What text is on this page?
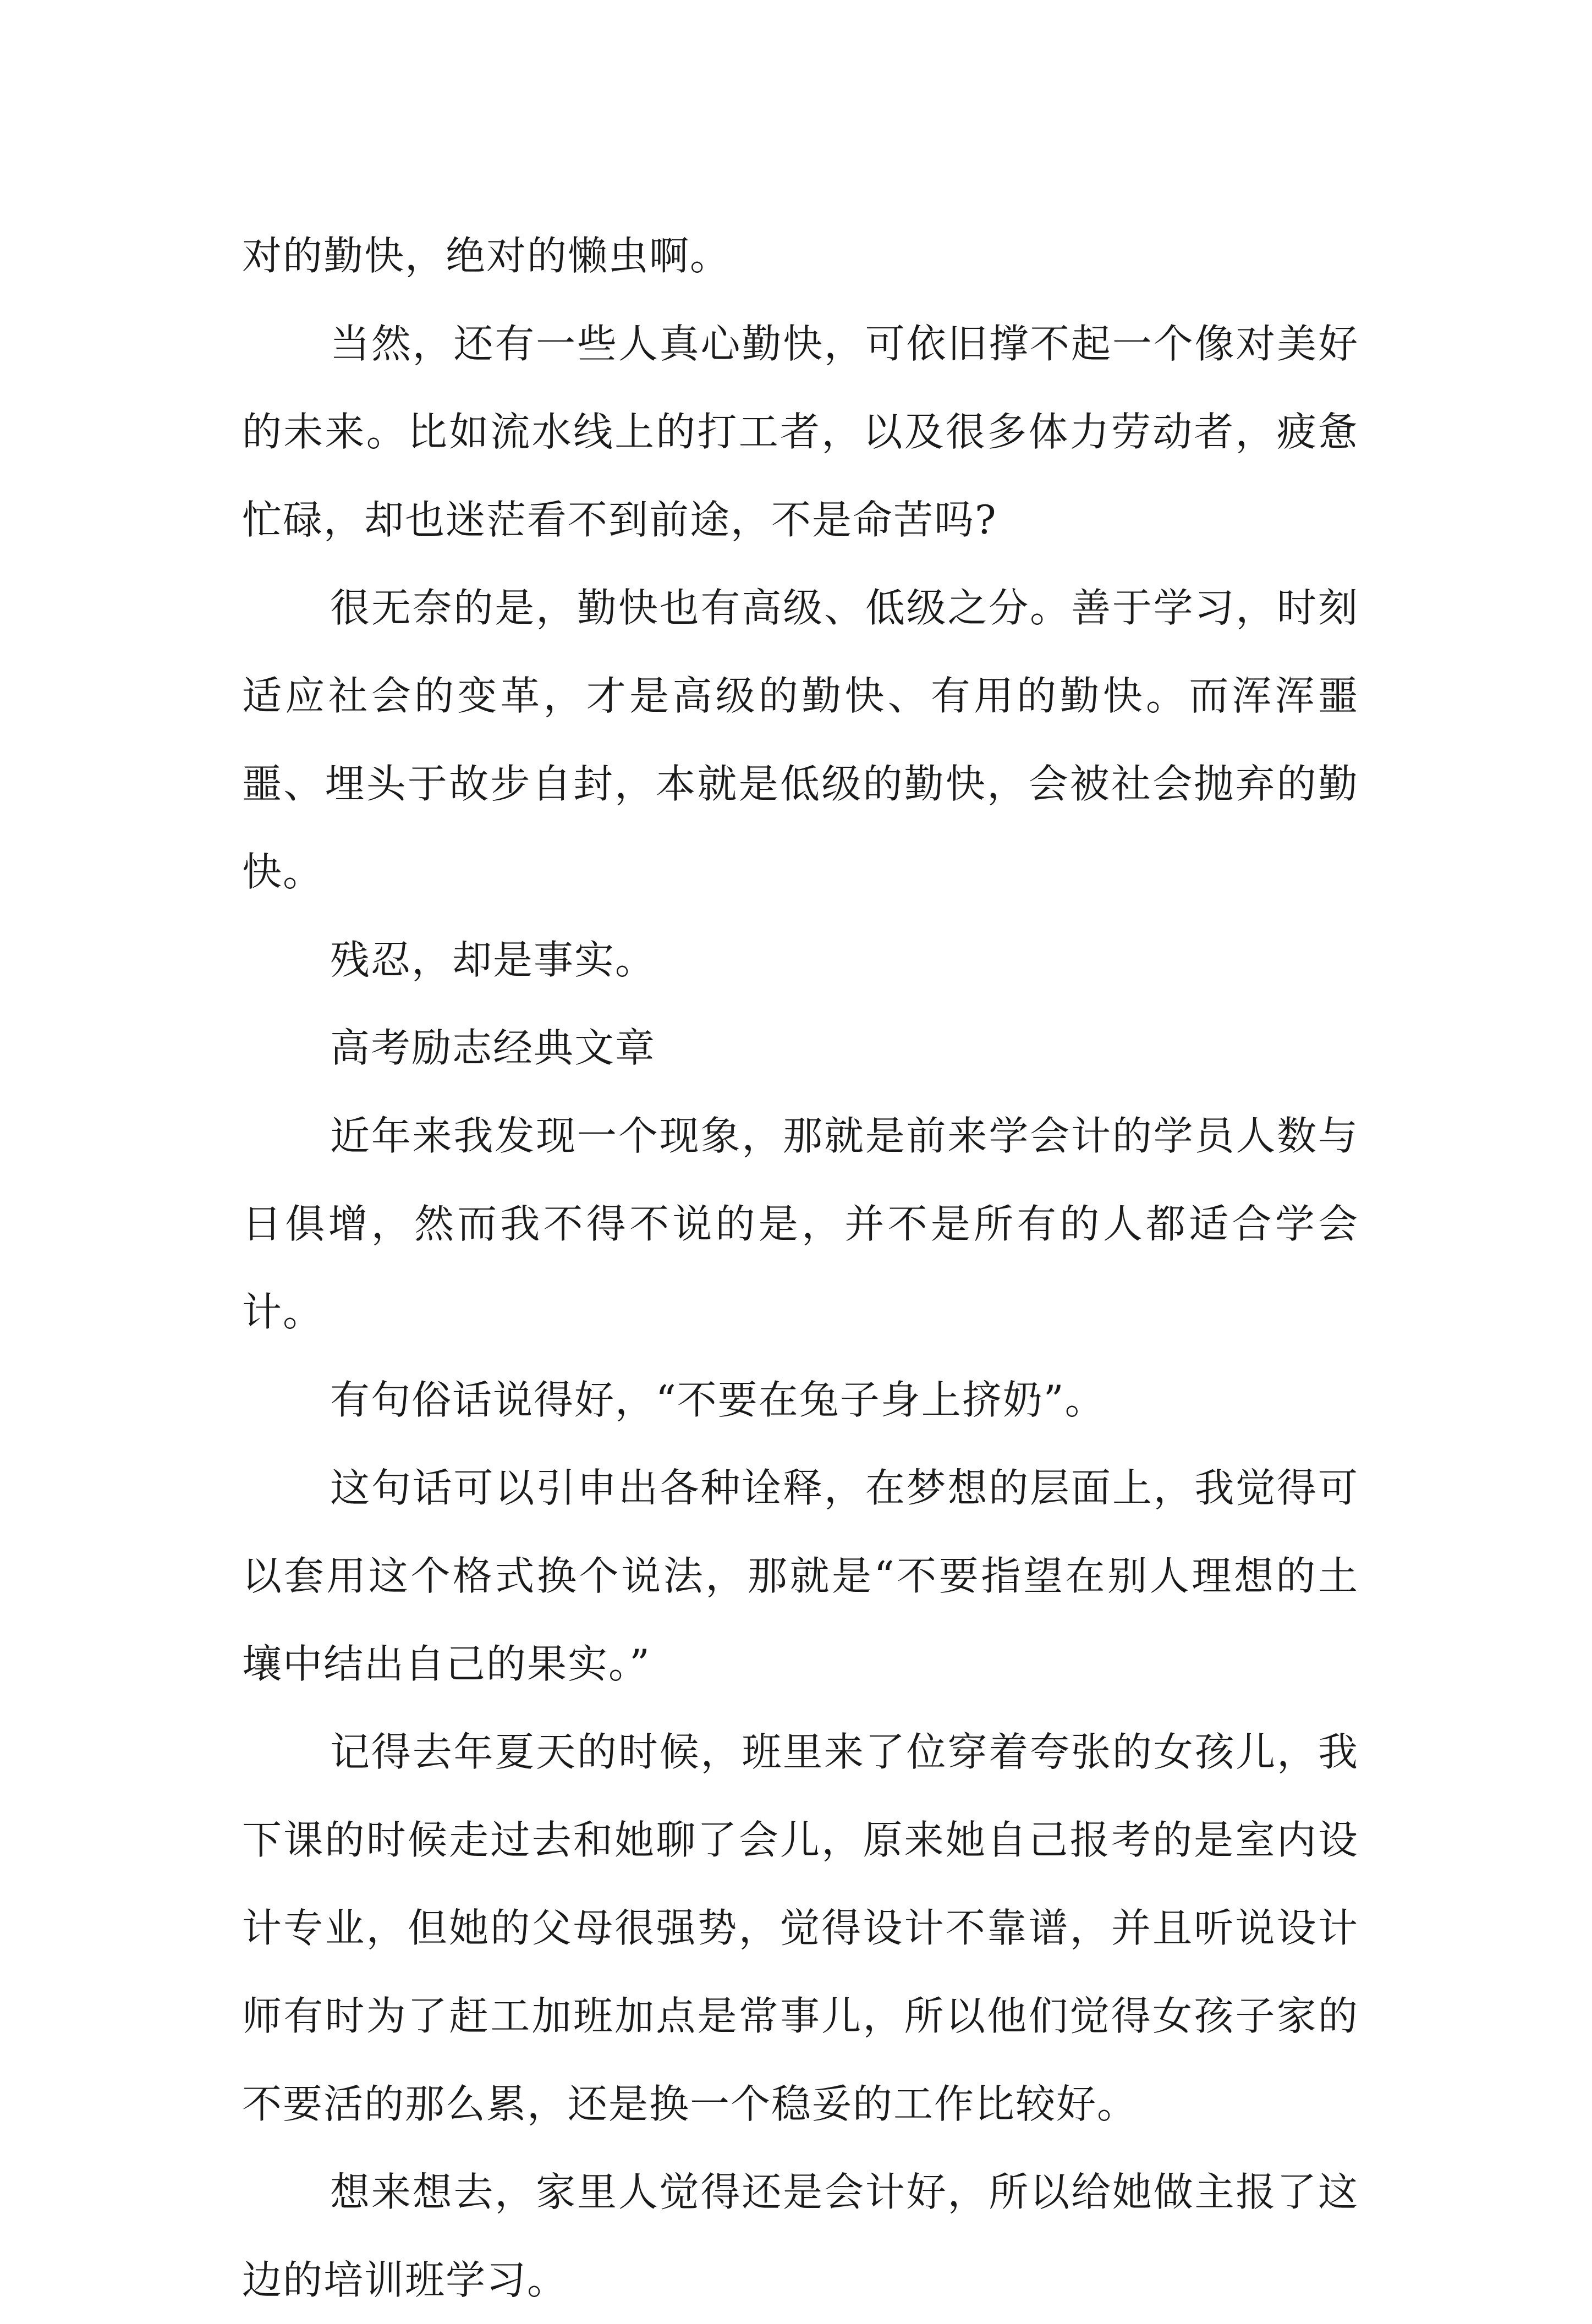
对的勤快，绝对的懒虫啊。

当然，还有一些人真心勤快，可依旧撑不起一个像对美好的未来。比如流水线上的打工者，以及很多体力劳动者，疲惫忙碌，却也迷茫看不到前途，不是命苦吗?

很无奈的是，勤快也有高级、低级之分。善于学习，时刻适应社会的变革，才是高级的勤快、有用的勤快。而浑浑噩噩、埋头于故步自封，本就是低级的勤快，会被社会抛弃的勤快。

残忍，却是事实。

高考励志经典文章

近年来我发现一个现象，那就是前来学会计的学员人数与日俱增，然而我不得不说的是，并不是所有的人都适合学会计。

有句俗话说得好，“不要在兔子身上挤奶”。

这句话可以引申出各种诠释，在梦想的层面上，我觉得可以套用这个格式换个说法，那就是“不要指望在别人理想的土壤中结出自己的果实。”

记得去年夏天的时候，班里来了位穿着夸张的女孩儿，我下课的时候走过去和她聊了会儿，原来她自己报考的是室内设计专业，但她的父母很强势，觉得设计不靠谱，并且听说设计师有时为了赶工加班加点是常事儿，所以他们觉得女孩子家的不要活的那么累，还是换一个稳妥的工作比较好。

想来想去，家里人觉得还是会计好，所以给她做主报了这边的培训班学习。
